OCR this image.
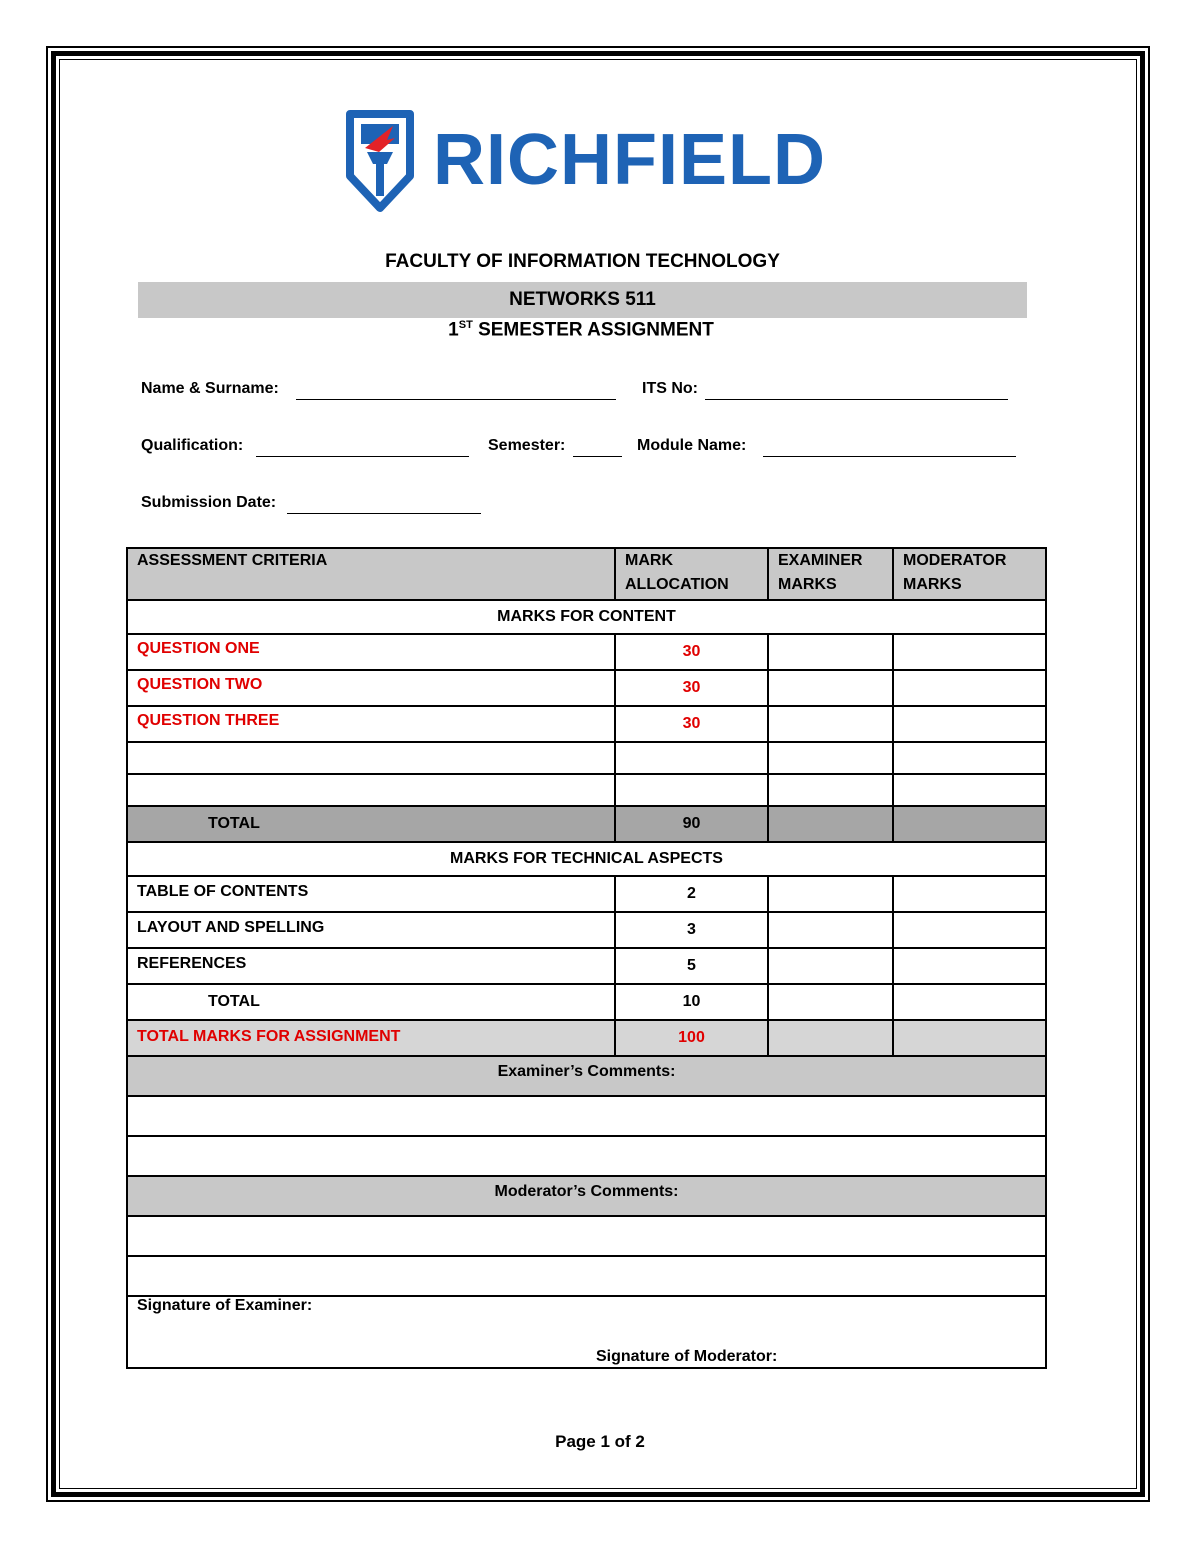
RICHFIELD
FACULTY OF INFORMATION TECHNOLOGY
NETWORKS 511
1ST SEMESTER ASSIGNMENT
Name & Surname:	ITS No:
Qualification:	Semester:	Module Name:
Submission Date:
ASSESSMENT CRITERIA	MARK ALLOCATION	EXAMINER MARKS	MODERATOR MARKS
MARKS FOR CONTENT			
QUESTION ONE	30		
QUESTION TWO	30		
QUESTION THREE	30		

TOTAL	90		
MARKS FOR TECHNICAL ASPECTS			
TABLE OF CONTENTS	2		
LAYOUT AND SPELLING	3		
REFERENCES	5		
TOTAL	10		
TOTAL MARKS FOR ASSIGNMENT	100		
Examiner’s Comments:			

Moderator’s Comments:			

Signature of Examiner:
Signature of Moderator:			
Page 1 of 2
